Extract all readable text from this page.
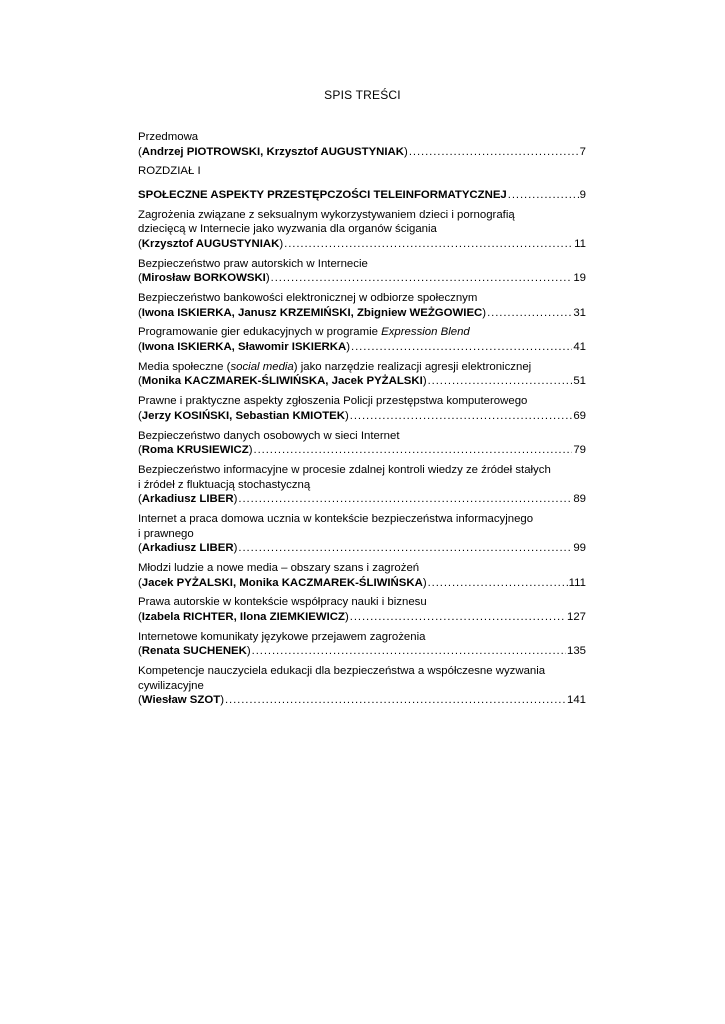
SPIS TREŚCI
Przedmowa
(Andrzej PIOTROWSKI, Krzysztof AUGUSTYNIAK) .....	7
ROZDZIAŁ I
SPOŁECZNE ASPEKTY PRZESTĘPCZOŚCI TELEINFORMATYCZNEJ .....	9
Zagrożenia związane z seksualnym wykorzystywaniem dzieci i pornografią
dziecięcą w Internecie jako wyzwania dla organów ścigania
(Krzysztof AUGUSTYNIAK) .....	11
Bezpieczeństwo praw autorskich w Internecie
(Mirosław BORKOWSKI) .....	19
Bezpieczeństwo bankowości elektronicznej w odbiorze społecznym
(Iwona ISKIERKA, Janusz KRZEMIŃSKI, Zbigniew WEŻGOWIEC) .....	31
Programowanie gier edukacyjnych w programie Expression Blend
(Iwona ISKIERKA, Sławomir ISKIERKA) .....	41
Media społeczne (social media) jako narzędzie realizacji agresji elektronicznej
(Monika KACZMAREK-ŚLIWIŃSKA, Jacek PYŻALSKI) .....	51
Prawne i praktyczne aspekty zgłoszenia Policji przestępstwa komputerowego
(Jerzy KOSIŃSKI, Sebastian KMIOTEK) .....	69
Bezpieczeństwo danych osobowych w sieci Internet
(Roma KRUSIEWICZ) .....	79
Bezpieczeństwo informacyjne w procesie zdalnej kontroli wiedzy ze źródeł stałych
i źródeł z fluktuacją stochastyczną
(Arkadiusz LIBER) .....	89
Internet a praca domowa ucznia w kontekście bezpieczeństwa informacyjnego
i prawnego
(Arkadiusz LIBER) .....	99
Młodzi ludzie a nowe media – obszary szans i zagrożeń
(Jacek PYŻALSKI, Monika KACZMAREK-ŚLIWIŃSKA) .....	111
Prawa autorskie w kontekście współpracy nauki i biznesu
(Izabela RICHTER, Ilona ZIEMKIEWICZ) .....	127
Internetowe komunikaty językowe przejawem zagrożenia
(Renata SUCHENEK) .....	135
Kompetencje nauczyciela edukacji dla bezpieczeństwa a współczesne wyzwania
cywilizacyjne
(Wiesław SZOT) .....	141
